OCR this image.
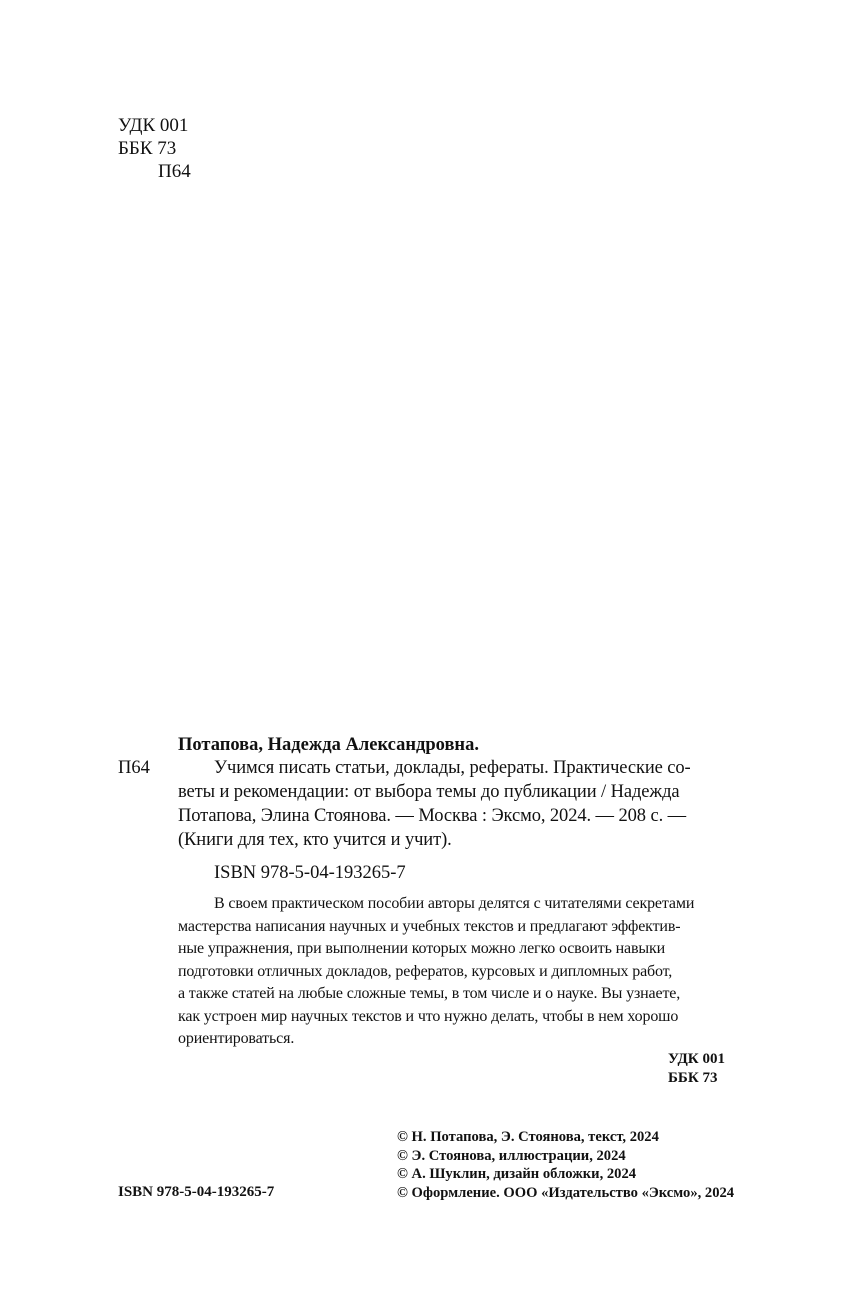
УДК 001
ББК 73
П64
Потапова, Надежда Александровна.
П64	Учимся писать статьи, доклады, рефераты. Практические со-
веты и рекомендации: от выбора темы до публикации / Надежда
Потапова, Элина Стоянова. — Москва : Эксмо, 2024. — 208 с. —
(Книги для тех, кто учится и учит).
ISBN 978-5-04-193265-7
В своем практическом пособии авторы делятся с читателями секретами
мастерства написания научных и учебных текстов и предлагают эффектив-
ные упражнения, при выполнении которых можно легко освоить навыки
подготовки отличных докладов, рефератов, курсовых и дипломных работ,
а также статей на любые сложные темы, в том числе и о науке. Вы узнаете,
как устроен мир научных текстов и что нужно делать, чтобы в нем хорошо
ориентироваться.
УДК 001
ББК 73
© Н. Потапова, Э. Стоянова, текст, 2024
© Э. Стоянова, иллюстрации, 2024
© А. Шуклин, дизайн обложки, 2024
© Оформление. ООО «Издательство «Эксмо», 2024
ISBN 978-5-04-193265-7
